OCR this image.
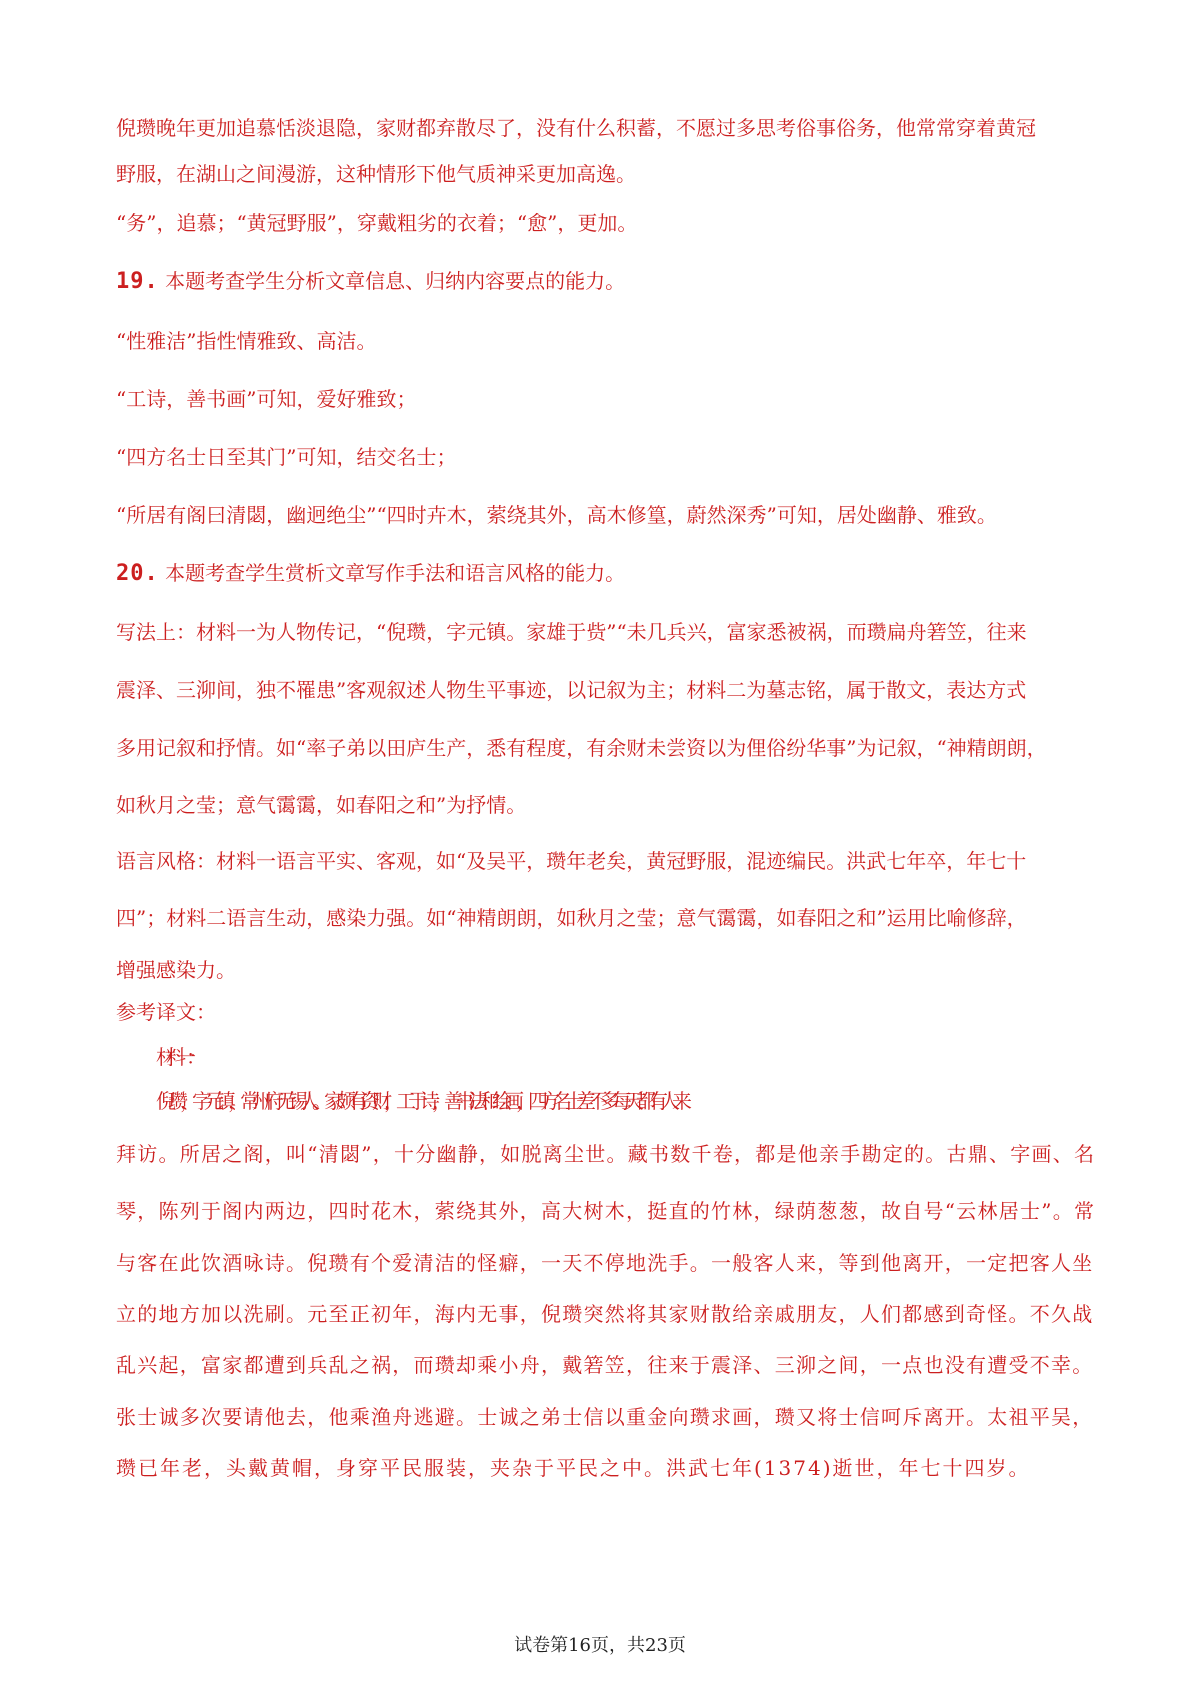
倪瓒晚年更加追慕恬淡退隐，家财都弃散尽了，没有什么积蓄，不愿过多思考俗事俗务，他常常穿着黄冠

野服，在湖山之间漫游，这种情形下他气质神采更加高逸。

“务”，追慕；“黄冠野服”，穿戴粗劣的衣着；“愈”，更加。

19. 本题考查学生分析文章信息、归纳内容要点的能力。

“性雅洁”指性情雅致、高洁。

“工诗，善书画”可知，爱好雅致；

“四方名士日至其门”可知，结交名士；

“所居有阁曰清閟，幽迥绝尘”“四时卉木，萦绕其外，高木修篁，蔚然深秀”可知，居处幽静、雅致。

20. 本题考查学生赏析文章写作手法和语言风格的能力。

写法上：材料一为人物传记，“倪瓒，字元镇。家雄于赀”“未几兵兴，富家悉被祸，而瓒扁舟箬笠，往来

震泽、三泖间，独不罹患”客观叙述人物生平事迹，以记叙为主；材料二为墓志铭，属于散文，表达方式

多用记叙和抒情。如“率子弟以田庐生产，悉有程度，有余财未尝资以为俚俗纷华事”为记叙，“神精朗朗，

如秋月之莹；意气霭霭，如春阳之和”为抒情。

语言风格：材料一语言平实、客观，如“及吴平，瓒年老矣，黄冠野服，混迹编民。洪武七年卒，年七十

四”；材料二语言生动，感染力强。如“神精朗朗，如秋月之莹；意气霭霭，如春阳之和”运用比喻修辞，

增强感染力。

参考译文：

材料一：

倪瓒，字元镇，常州府无锡人。家颇有资财，工于诗，善书法和绘画，四方名士差不多每天都有人来

拜访。所居之阁，叫“清閟”，十分幽静，如脱离尘世。藏书数千卷，都是他亲手勘定的。古鼎、字画、名

琴，陈列于阁内两边，四时花木，萦绕其外，高大树木，挺直的竹林，绿荫葱葱，故自号“云林居士”。常

与客在此饮酒咏诗。倪瓒有个爱清洁的怪癖，一天不停地洗手。一般客人来，等到他离开，一定把客人坐

立的地方加以洗刷。元至正初年，海内无事，倪瓒突然将其家财散给亲戚朋友，人们都感到奇怪。不久战

乱兴起，富家都遭到兵乱之祸，而瓒却乘小舟，戴箬笠，往来于震泽、三泖之间，一点也没有遭受不幸。

张士诚多次要请他去，他乘渔舟逃避。士诚之弟士信以重金向瓒求画，瓒又将士信呵斥离开。太祖平吴，

瓒已年老，头戴黄帽，身穿平民服装，夹杂于平民之中。洪武七年(1374)逝世，年七十四岁。

试卷第16页，共23页
